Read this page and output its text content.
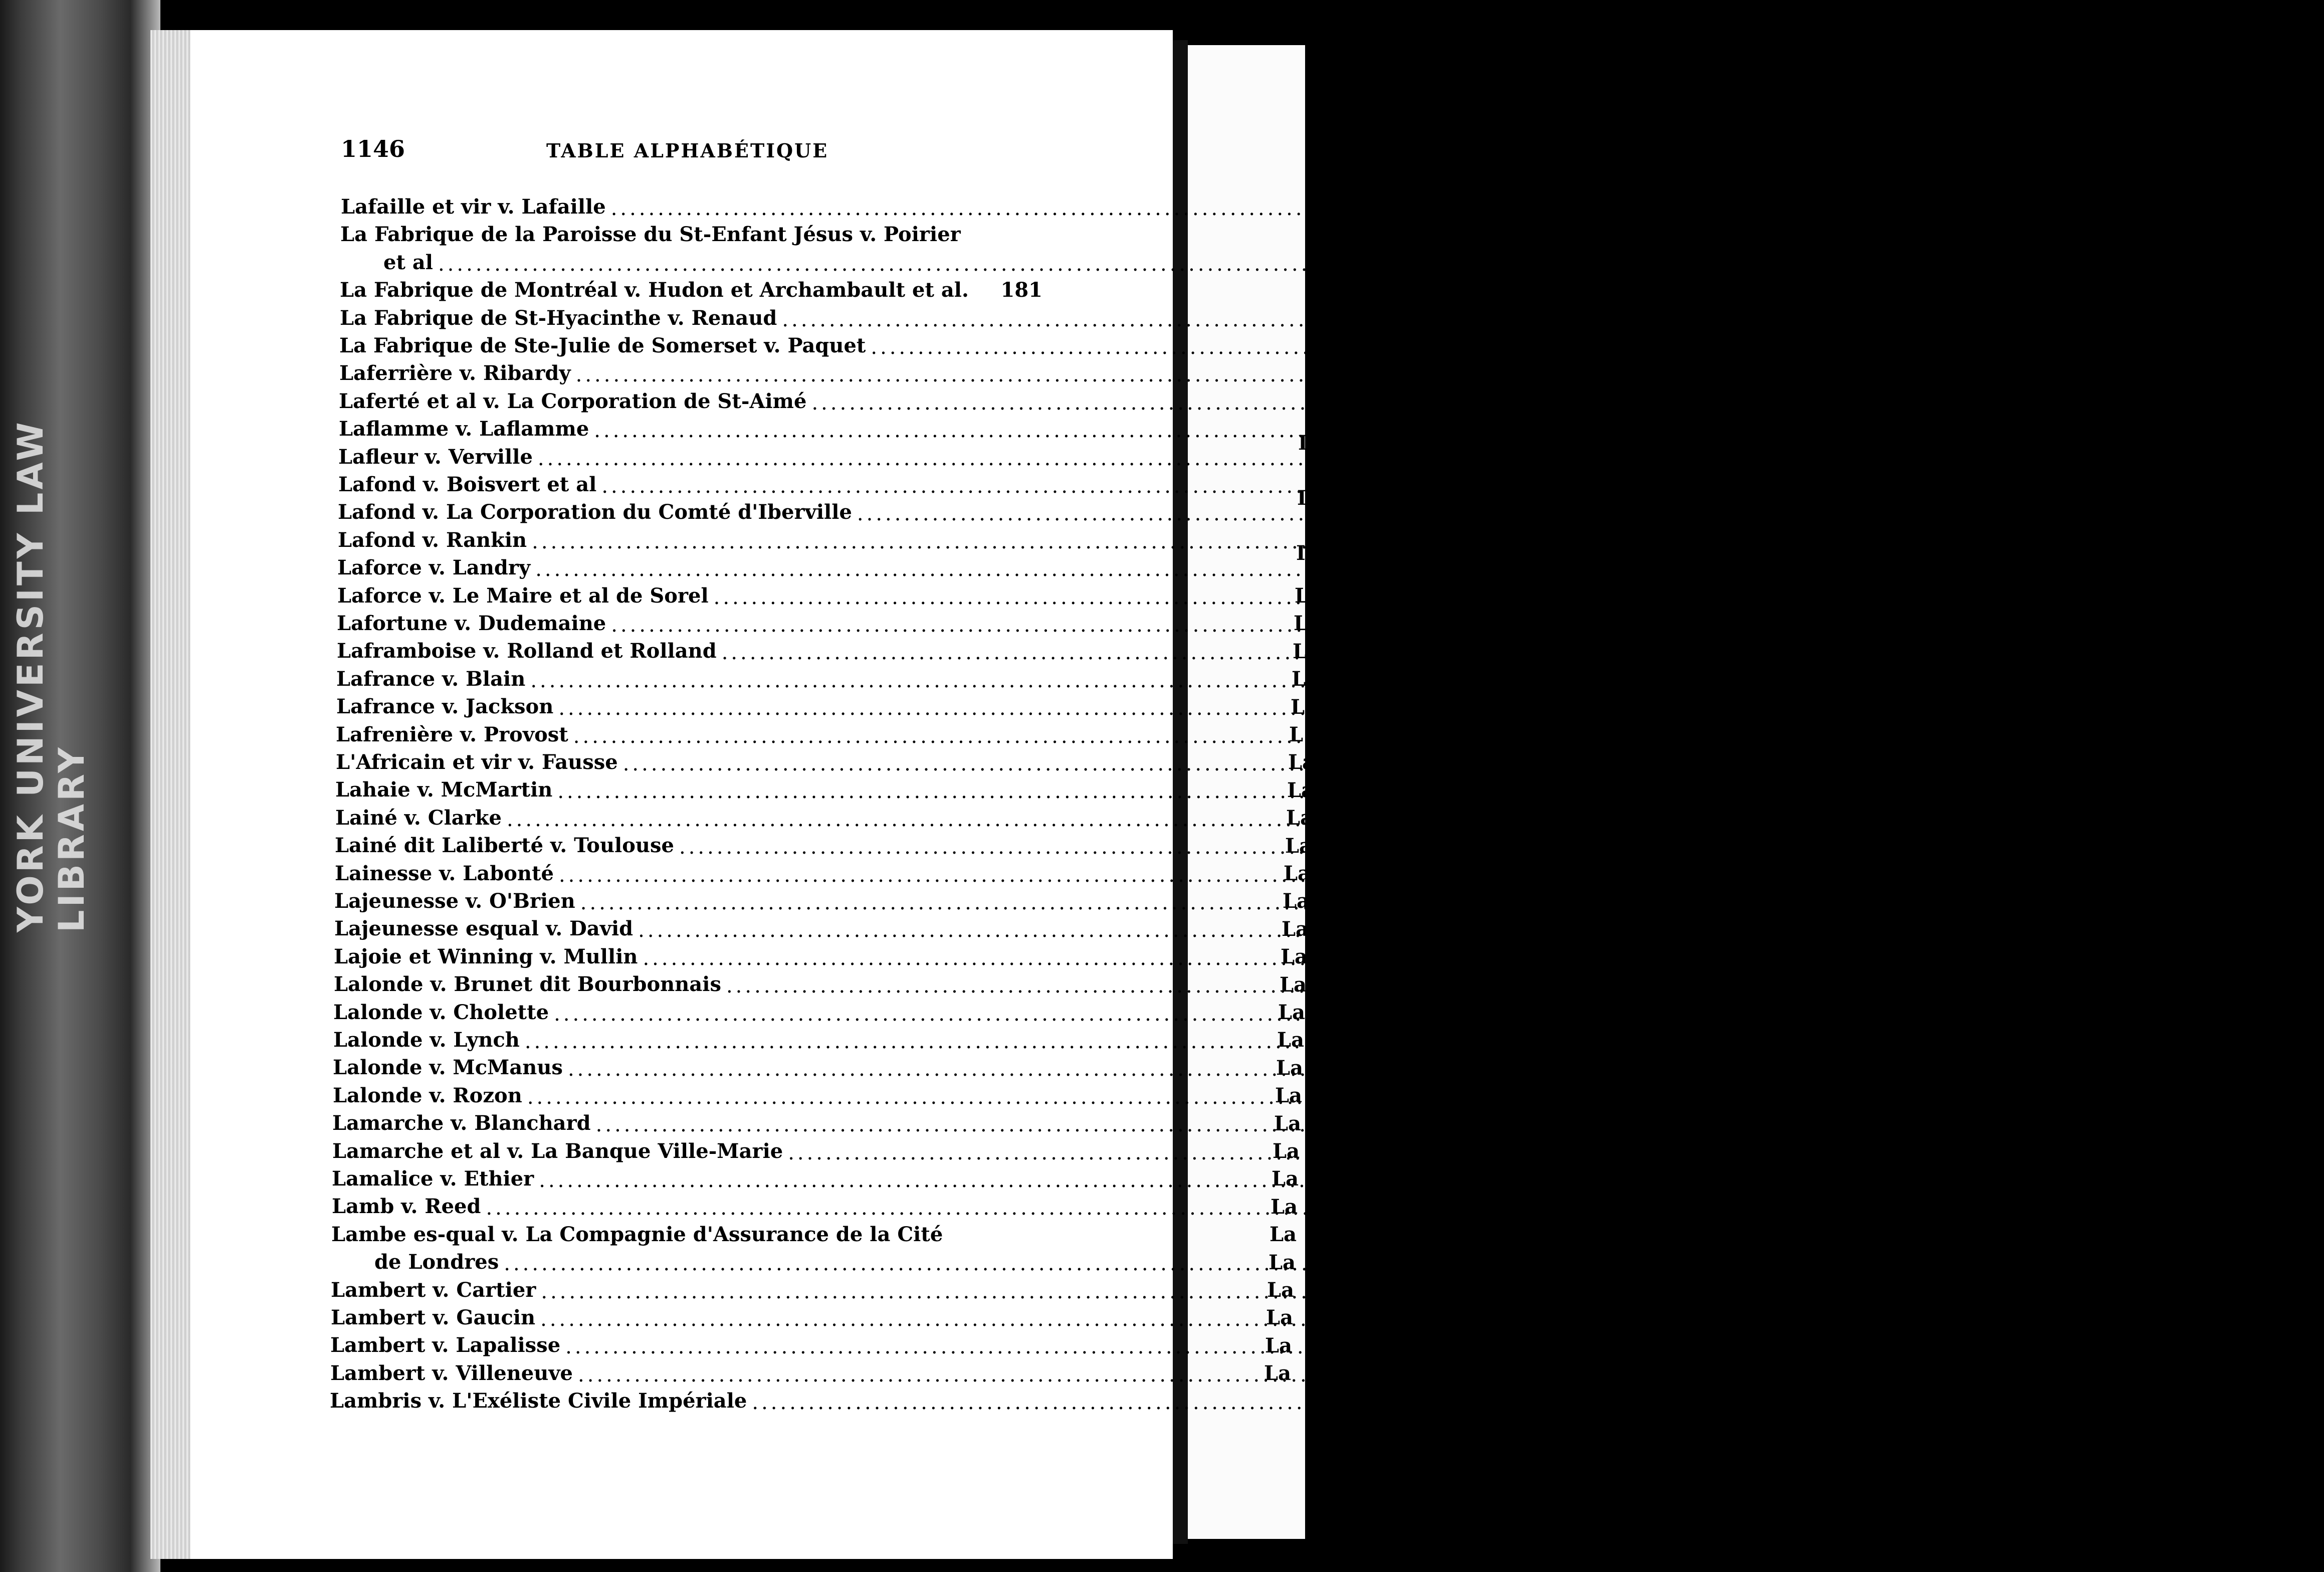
YORK UNIVERSITY LAW LIBRARY
I
I
I
L
L
L
L
L
L
La
La
La
La
La
La
La
La
Lap
Lan
La
La
La
La
La
La
La
La
La
La
La
La
La
1146	TABLE ALPHABÉTIQUE
Lafaille et vir v. Lafaille .....	394
La Fabrique de la Paroisse du St-Enfant Jésus v. Poirier
et al .....	549
La Fabrique de Montréal v. Hudon et Archambault et al. 181
La Fabrique de St-Hyacinthe v. Renaud .....	202
La Fabrique de Ste-Julie de Somerset v. Paquet .....	423, 542
Laferrière v. Ribardy .....	891
Laferté et al v. La Corporation de St-Aimé .....	517, 521, 523
Laflamme v. Laflamme .....	887
Lafleur v. Verville .....	941
Lafond v. Boisvert et al .....	276
Lafond v. La Corporation du Comté d'Iberville .....	324
Lafond v. Rankin .....	446
Laforce v. Landry .....	760
Laforce v. Le Maire et al de Sorel .....	704
Lafortune v. Dudemaine .....	633, 1093
Laframboise v. Rolland et Rolland .....	920
Lafrance v. Blain .....	809
Lafrance v. Jackson .....	616
Lafrenière v. Provost .....	471
L'Africain et vir v. Fausse .....	912
Lahaie v. McMartin .....	27
Lainé v. Clarke .....	380
Lainé dit Laliberté v. Toulouse .....	686
Lainesse v. Labonté .....	688
Lajeunesse v. O'Brien .....	860
Lajeunesse esqual v. David .....	268, 1011, 1012, 1047
Lajoie et Winning v. Mullin .....	148
Lalonde v. Brunet dit Bourbonnais .....	816
Lalonde v. Cholette .....	359
Lalonde v. Lynch .....	21
Lalonde v. McManus .....	1071
Lalonde v. Rozon .....	919
Lamarche v. Blanchard .....	774
Lamarche et al v. La Banque Ville-Marie .....	1069
Lamalice v. Ethier .....	912
Lamb v. Reed .....	157
Lambe es-qual v. La Compagnie d'Assurance de la Cité
de Londres .....	473
Lambert v. Cartier .....	921
Lambert v. Gaucin .....	784, 792
Lambert v. Lapalisse .....	384
Lambert v. Villeneuve .....	405
Lambris v. L'Exéliste Civile Impériale .....	200
